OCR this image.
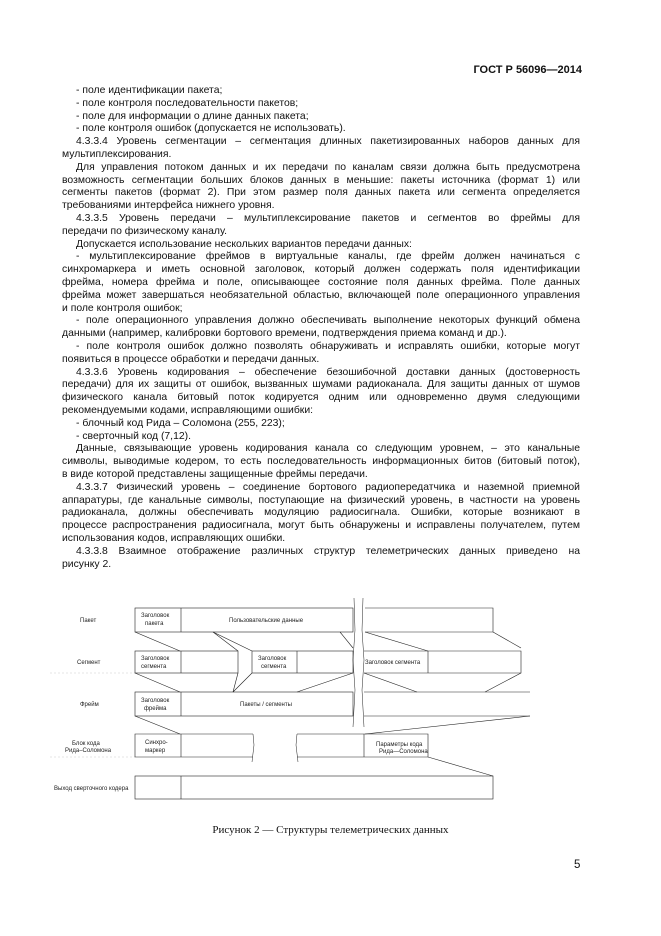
ГОСТ Р 56096—2014
- поле идентификации пакета;
- поле контроля последовательности пакетов;
- поле для информации о длине данных пакета;
- поле контроля ошибок (допускается не использовать).
4.3.3.4 Уровень сегментации – сегментация длинных пакетизированных наборов данных для
мультиплексирования.
Для управления потоком данных и их передачи по каналам связи должна быть предусмотрена
возможность сегментации больших блоков данных в меньшие: пакеты источника (формат 1) или
сегменты пакетов (формат 2). При этом размер поля данных пакета или сегмента определяется
требованиями интерфейса нижнего уровня.
4.3.3.5 Уровень передачи – мультиплексирование пакетов и сегментов во фреймы для
передачи по физическому каналу.
Допускается использование нескольких вариантов передачи данных:
- мультиплексирование фреймов в виртуальные каналы, где фрейм должен начинаться с
синхромаркера и иметь основной заголовок, который должен содержать поля идентификации
фрейма, номера фрейма и поле, описывающее состояние поля данных фрейма. Поле данных
фрейма может завершаться необязательной областью, включающей поле операционного управления
и поле контроля ошибок;
- поле операционного управления должно обеспечивать выполнение некоторых функций обмена
данными (например, калибровки бортового времени, подтверждения приема команд и др.).
- поле контроля ошибок должно позволять обнаруживать и исправлять ошибки, которые могут
появиться в процессе обработки и передачи данных.
4.3.3.6 Уровень кодирования – обеспечение безошибочной доставки данных (достоверность
передачи) для их защиты от ошибок, вызванных шумами радиоканала. Для защиты данных от шумов
физического канала битовый поток кодируется одним или одновременно двумя следующими
рекомендуемыми кодами, исправляющими ошибки:
- блочный код Рида – Соломона (255, 223);
- сверточный код (7,12).
Данные, связывающие уровень кодирования канала со следующим уровнем, – это канальные
символы, выводимые кодером, то есть последовательность информационных битов (битовый поток),
в виде которой представлены защищенные фреймы передачи.
4.3.3.7 Физический уровень – соединение бортового радиопередатчика и наземной приемной
аппаратуры, где канальные символы, поступающие на физический уровень, в частности на уровень
радиоканала, должны обеспечивать модуляцию радиосигнала. Ошибки, которые возникают в
процессе распространения радиосигнала, могут быть обнаружены и исправлены получателем, путем
использования кодов, исправляющих ошибки.
4.3.3.8 Взаимное отображение различных структур телеметрических данных приведено на
рисунку 2.
Пакет
Сегмент
Фрейм
Блок кода
Рида–Соломона
Выход сверточного кодера
Заголовок
пакета	Пользовательские данные
Заголовок
сегмента
Заголовок
сегмента
Заголовок сегмента
Заголовок
фрейма
Пакеты / сегменты
Синхро-
маркер
Параметры кода
Рида—Соломона
Рисунок 2 — Структуры телеметрических данных
5
